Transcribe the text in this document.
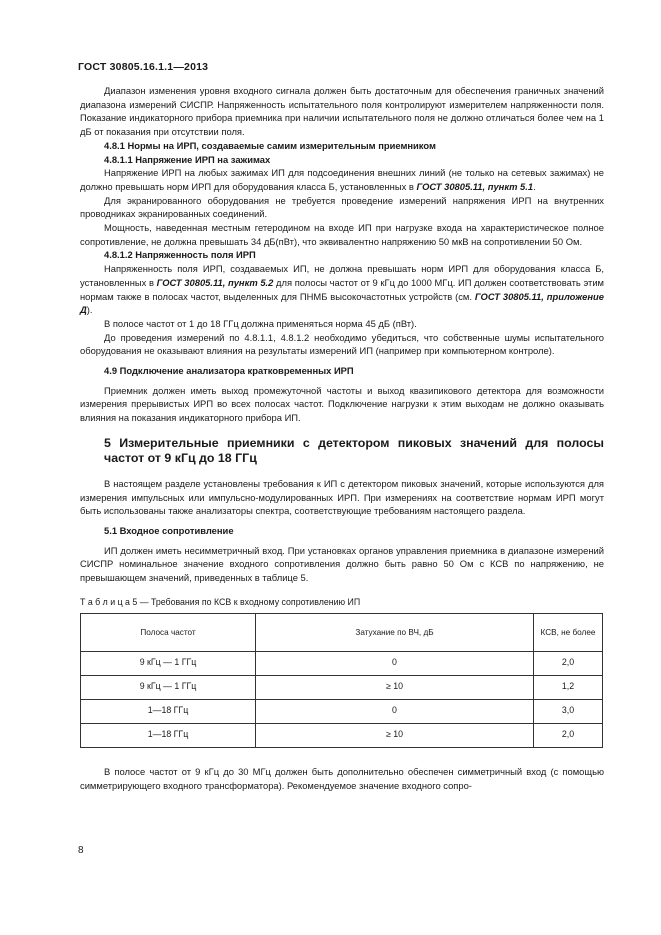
ГОСТ 30805.16.1.1—2013

Диапазон изменения уровня входного сигнала должен быть достаточным для обеспечения граничных значений диапазона измерений СИСПР. Напряженность испытательного поля контролируют измерителем напряженности поля. Показание индикаторного прибора приемника при наличии испытательного поля не должно отличаться более чем на 1 дБ от показания при отсутствии поля.

4.8.1 Нормы на ИРП, создаваемые самим измерительным приемником

4.8.1.1 Напряжение ИРП на зажимах

Напряжение ИРП на любых зажимах ИП для подсоединения внешних линий (не только на сетевых зажимах) не должно превышать норм ИРП для оборудования класса Б, установленных в ГОСТ 30805.11, пункт 5.1.

Для экранированного оборудования не требуется проведение измерений напряжения ИРП на внутренних проводниках экранированных соединений.

Мощность, наведенная местным гетеродином на входе ИП при нагрузке входа на характеристическое полное сопротивление, не должна превышать 34 дБ(пВт), что эквивалентно напряжению 50 мкВ на сопротивлении 50 Ом.

4.8.1.2 Напряженность поля ИРП

Напряженность поля ИРП, создаваемых ИП, не должна превышать норм ИРП для оборудования класса Б, установленных в ГОСТ 30805.11, пункт 5.2 для полосы частот от 9 кГц до 1000 МГц. ИП должен соответствовать этим нормам также в полосах частот, выделенных для ПНМБ высокочастотных устройств (см. ГОСТ 30805.11, приложение Д).

В полосе частот от 1 до 18 ГГц должна применяться норма 45 дБ (пВт).

До проведения измерений по 4.8.1.1, 4.8.1.2 необходимо убедиться, что собственные шумы испытательного оборудования не оказывают влияния на результаты измерений ИП (например при компьютерном контроле).

4.9 Подключение анализатора кратковременных ИРП

Приемник должен иметь выход промежуточной частоты и выход квазипикового детектора для возможности измерения прерывистых ИРП во всех полосах частот. Подключение нагрузки к этим выходам не должно оказывать влияния на показания индикаторного прибора ИП.

5 Измерительные приемники с детектором пиковых значений для полосы частот от 9 кГц до 18 ГГц

В настоящем разделе установлены требования к ИП с детектором пиковых значений, которые используются для измерения импульсных или импульсно-модулированных ИРП. При измерениях на соответствие нормам ИРП могут быть использованы также анализаторы спектра, соответствующие требованиям настоящего раздела.

5.1 Входное сопротивление

ИП должен иметь несимметричный вход. При установках органов управления приемника в диапазоне измерений СИСПР номинальное значение входного сопротивления должно быть равно 50 Ом с КСВ по напряжению, не превышающем значений, приведенных в таблице 5.

Т а б л и ц а 5 — Требования по КСВ к входному сопротивлению ИП

Полоса частот	Затухание по ВЧ, дБ	КСВ, не более
9 кГц — 1 ГГц	0	2,0
9 кГц — 1 ГГц	≥ 10	1,2
1—18 ГГц	0	3,0
1—18 ГГц	≥ 10	2,0

В полосе частот от 9 кГц до 30 МГц должен быть дополнительно обеспечен симметричный вход (с помощью симметрирующего входного трансформатора). Рекомендуемое значение входного сопро-

8
